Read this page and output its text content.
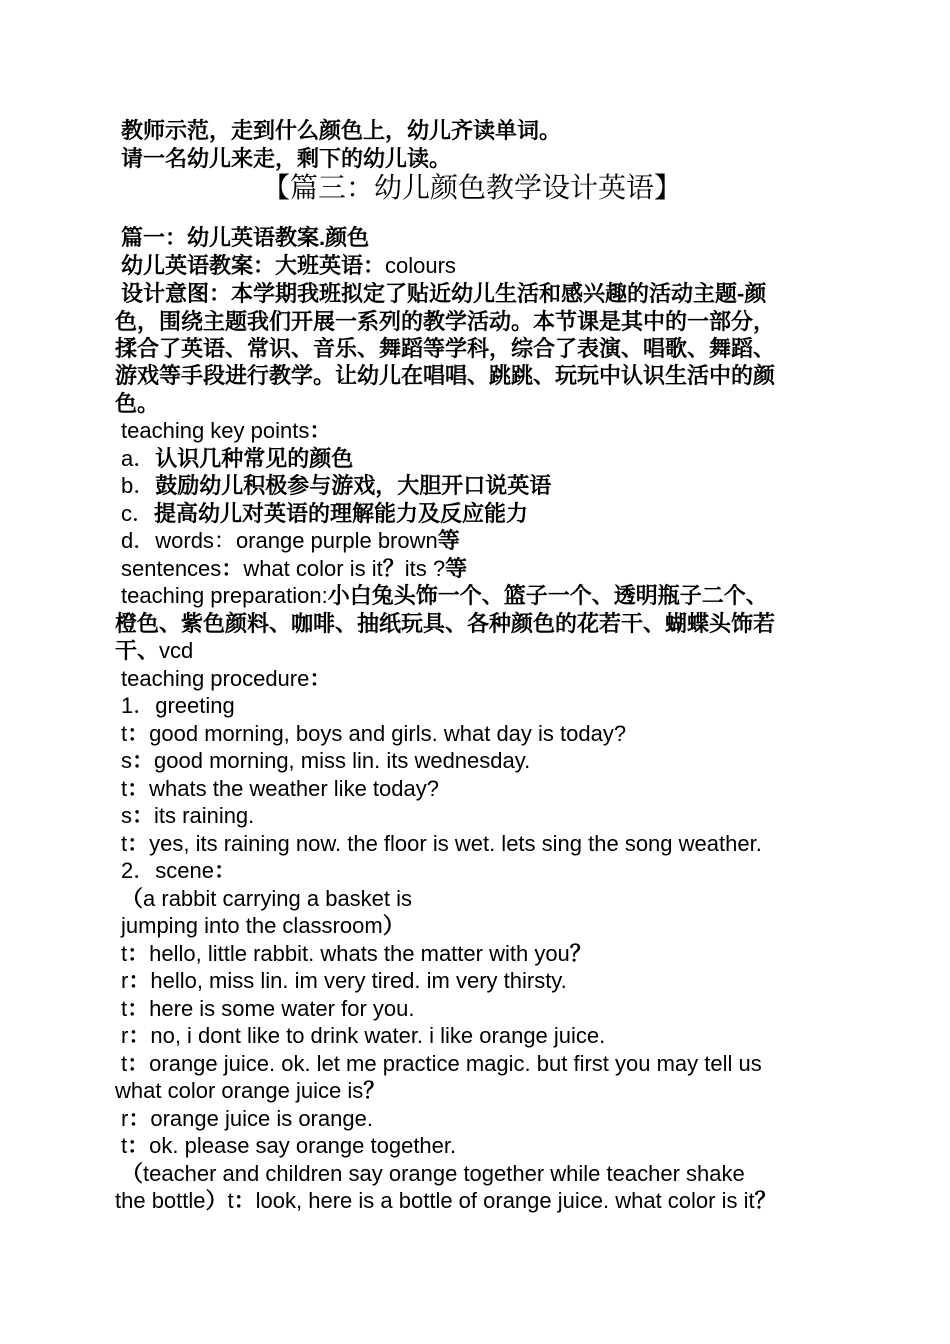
教师示范，走到什么颜色上，幼儿齐读单词。
请一名幼儿来走，剩下的幼儿读。
【篇三：幼儿颜色教学设计英语】
篇一：幼儿英语教案.颜色
幼儿英语教案：大班英语：colours
设计意图：本学期我班拟定了贴近幼儿生活和感兴趣的活动主题-颜
色，围绕主题我们开展一系列的教学活动。本节课是其中的一部分，
揉合了英语、常识、音乐、舞蹈等学科，综合了表演、唱歌、舞蹈、
游戏等手段进行教学。让幼儿在唱唱、跳跳、玩玩中认识生活中的颜
色。
teaching key points：
a．认识几种常见的颜色
b．鼓励幼儿积极参与游戏，大胆开口说英语
c．提高幼儿对英语的理解能力及反应能力
d．words：orange purple brown等
sentences：what color is it？its ?等
teaching preparation:小白兔头饰一个、篮子一个、透明瓶子二个、
橙色、紫色颜料、咖啡、抽纸玩具、各种颜色的花若干、蝴蝶头饰若
干、vcd
teaching procedure：
1．greeting
t：good morning, boys and girls. what day is today?
s：good morning, miss lin. its wednesday.
t：whats the weather like today?
s：its raining.
t：yes, its raining now. the floor is wet. lets sing the song weather.
2．scene：
（a rabbit carrying a basket is
jumping into the classroom）
t：hello, little rabbit. whats the matter with you？
r：hello, miss lin. im very tired. im very thirsty.
t：here is some water for you.
r：no, i dont like to drink water. i like orange juice.
t：orange juice. ok. let me practice magic. but first you may tell us
what color orange juice is？
r：orange juice is orange.
t：ok. please say orange together.
（teacher and children say orange together while teacher shake
the bottle）t：look, here is a bottle of orange juice. what color is it？
